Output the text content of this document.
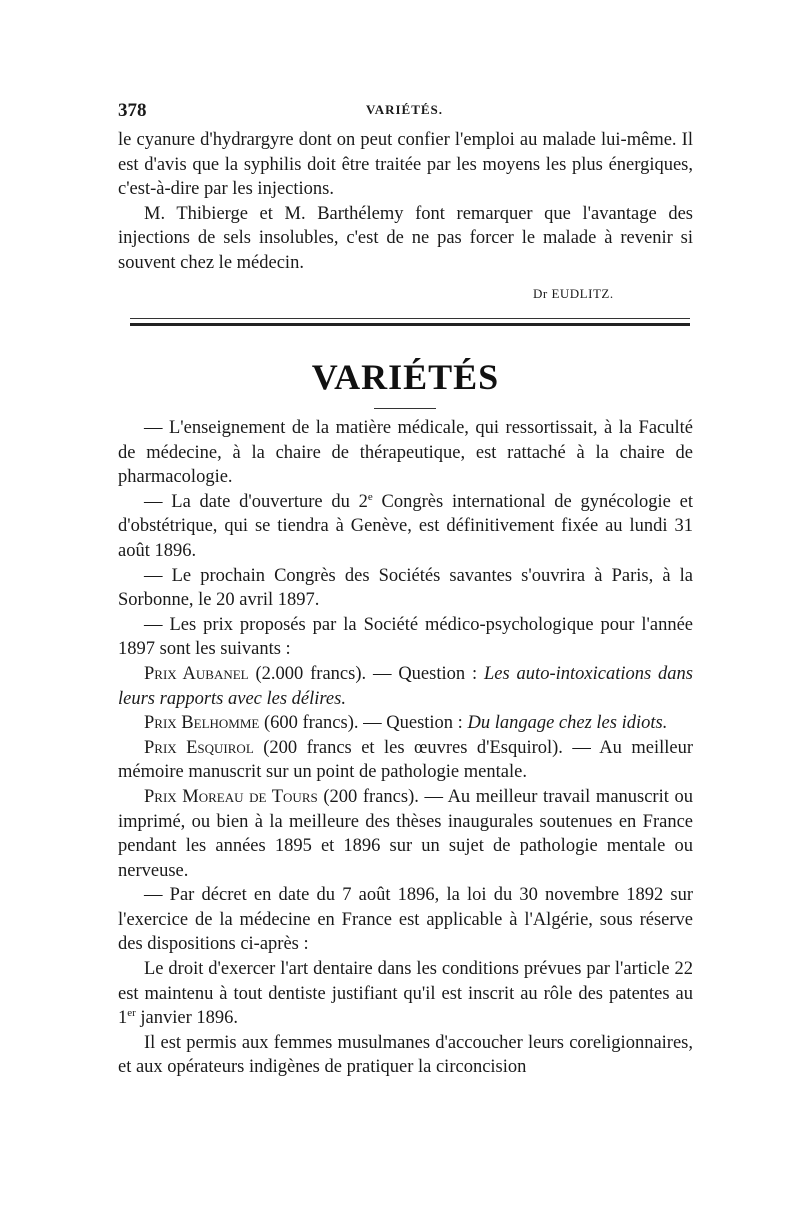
378	VARIÉTÉS.

le cyanure d'hydrargyre dont on peut confier l'emploi au malade lui-même. Il est d'avis que la syphilis doit être traitée par les moyens les plus énergiques, c'est-à-dire par les injections.

M. Thibierge et M. Barthélemy font remarquer que l'avantage des injections de sels insolubles, c'est de ne pas forcer le malade à revenir si souvent chez le médecin.

Dr EUDLITZ.
VARIÉTÉS

— L'enseignement de la matière médicale, qui ressortissait, à la Faculté de médecine, à la chaire de thérapeutique, est rattaché à la chaire de pharmacologie.

— La date d'ouverture du 2e Congrès international de gynécologie et d'obstétrique, qui se tiendra à Genève, est définitivement fixée au lundi 31 août 1896.

— Le prochain Congrès des Sociétés savantes s'ouvrira à Paris, à la Sorbonne, le 20 avril 1897.

— Les prix proposés par la Société médico-psychologique pour l'année 1897 sont les suivants :

Prix Aubanel (2.000 francs). — Question : Les auto-intoxications dans leurs rapports avec les délires.

Prix Belhomme (600 francs). — Question : Du langage chez les idiots.

Prix Esquirol (200 francs et les œuvres d'Esquirol). — Au meilleur mémoire manuscrit sur un point de pathologie mentale.

Prix Moreau de Tours (200 francs). — Au meilleur travail manuscrit ou imprimé, ou bien à la meilleure des thèses inaugurales soutenues en France pendant les années 1895 et 1896 sur un sujet de pathologie mentale ou nerveuse.

— Par décret en date du 7 août 1896, la loi du 30 novembre 1892 sur l'exercice de la médecine en France est applicable à l'Algérie, sous réserve des dispositions ci-après :

Le droit d'exercer l'art dentaire dans les conditions prévues par l'article 22 est maintenu à tout dentiste justifiant qu'il est inscrit au rôle des patentes au 1er janvier 1896.

Il est permis aux femmes musulmanes d'accoucher leurs coreligionnaires, et aux opérateurs indigènes de pratiquer la circoncision
